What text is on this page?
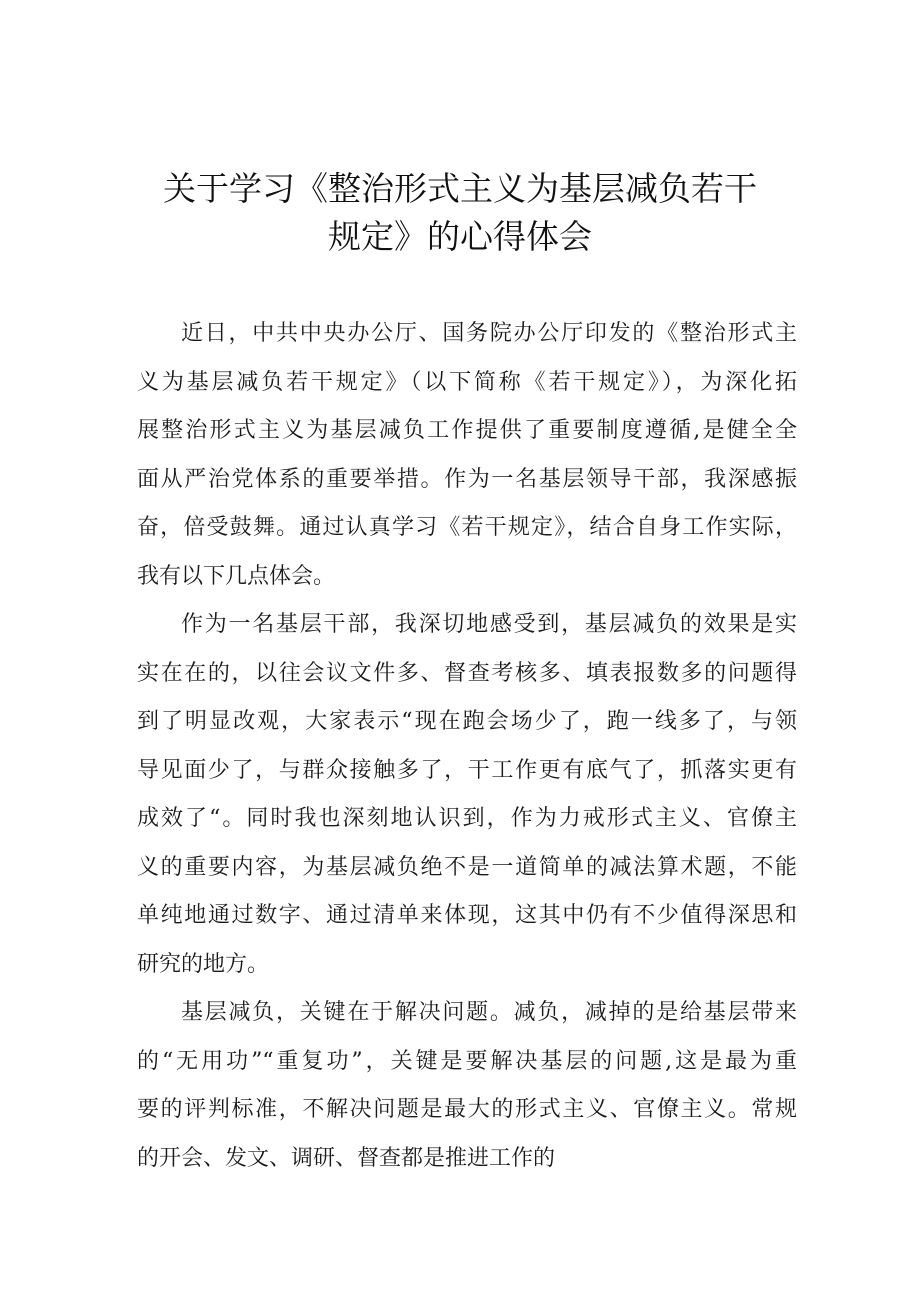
关于学习《整治形式主义为基层减负若干
规定》的心得体会
近日，中共中央办公厅、国务院办公厅印发的《整治形式主
义为基层减负若干规定》（以下简称《若干规定》），为深化拓
展整治形式主义为基层减负工作提供了重要制度遵循,是健全全
面从严治党体系的重要举措。作为一名基层领导干部，我深感振
奋，倍受鼓舞。通过认真学习《若干规定》，结合自身工作实际，
我有以下几点体会。
作为一名基层干部，我深切地感受到，基层减负的效果是实
实在在的，以往会议文件多、督查考核多、填表报数多的问题得
到了明显改观，大家表示“现在跑会场少了，跑一线多了，与领
导见面少了，与群众接触多了，干工作更有底气了，抓落实更有
成效了“。同时我也深刻地认识到，作为力戒形式主义、官僚主
义的重要内容，为基层减负绝不是一道简单的减法算术题，不能
单纯地通过数字、通过清单来体现，这其中仍有不少值得深思和
研究的地方。
基层减负，关键在于解决问题。减负，减掉的是给基层带来
的“无用功”“重复功”，关键是要解决基层的问题,这是最为重
要的评判标准，不解决问题是最大的形式主义、官僚主义。常规
的开会、发文、调研、督查都是推进工作的
